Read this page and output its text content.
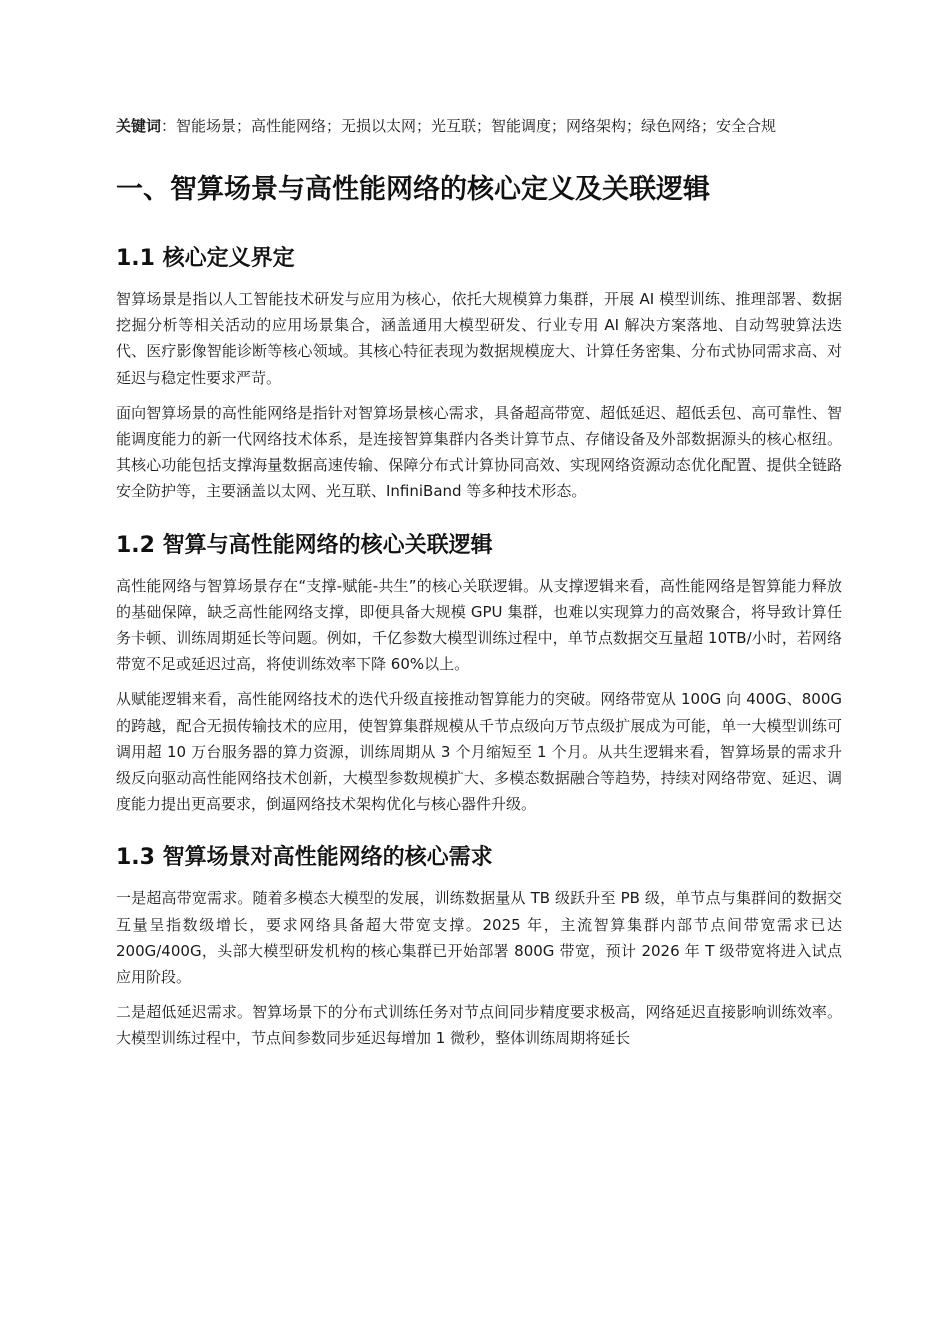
关键词：智能场景；高性能网络；无损以太网；光互联；智能调度；网络架构；绿色网络；安全合规

一、智算场景与高性能网络的核心定义及关联逻辑
1.1 核心定义界定

智算场景是指以人工智能技术研发与应用为核心，依托大规模算力集群，开展 AI 模型训练、推理部署、数据挖掘分析等相关活动的应用场景集合，涵盖通用大模型研发、行业专用 AI 解决方案落地、自动驾驶算法迭代、医疗影像智能诊断等核心领域。其核心特征表现为数据规模庞大、计算任务密集、分布式协同需求高、对延迟与稳定性要求严苛。

面向智算场景的高性能网络是指针对智算场景核心需求，具备超高带宽、超低延迟、超低丢包、高可靠性、智能调度能力的新一代网络技术体系，是连接智算集群内各类计算节点、存储设备及外部数据源头的核心枢纽。其核心功能包括支撑海量数据高速传输、保障分布式计算协同高效、实现网络资源动态优化配置、提供全链路安全防护等，主要涵盖以太网、光互联、InfiniBand 等多种技术形态。

1.2 智算与高性能网络的核心关联逻辑

高性能网络与智算场景存在“支撑-赋能-共生”的核心关联逻辑。从支撑逻辑来看，高性能网络是智算能力释放的基础保障，缺乏高性能网络支撑，即便具备大规模 GPU 集群，也难以实现算力的高效聚合，将导致计算任务卡顿、训练周期延长等问题。例如，千亿参数大模型训练过程中，单节点数据交互量超 10TB/小时，若网络带宽不足或延迟过高，将使训练效率下降 60%以上。

从赋能逻辑来看，高性能网络技术的迭代升级直接推动智算能力的突破。网络带宽从 100G 向 400G、800G 的跨越，配合无损传输技术的应用，使智算集群规模从千节点级向万节点级扩展成为可能，单一大模型训练可调用超 10 万台服务器的算力资源，训练周期从 3 个月缩短至 1 个月。从共生逻辑来看，智算场景的需求升级反向驱动高性能网络技术创新，大模型参数规模扩大、多模态数据融合等趋势，持续对网络带宽、延迟、调度能力提出更高要求，倒逼网络技术架构优化与核心器件升级。

1.3 智算场景对高性能网络的核心需求

一是超高带宽需求。随着多模态大模型的发展，训练数据量从 TB 级跃升至 PB 级，单节点与集群间的数据交互量呈指数级增长，要求网络具备超大带宽支撑。2025 年，主流智算集群内部节点间带宽需求已达 200G/400G，头部大模型研发机构的核心集群已开始部署 800G 带宽，预计 2026 年 T 级带宽将进入试点应用阶段。

二是超低延迟需求。智算场景下的分布式训练任务对节点间同步精度要求极高，网络延迟直接影响训练效率。大模型训练过程中，节点间参数同步延迟每增加 1 微秒，整体训练周期将延长
